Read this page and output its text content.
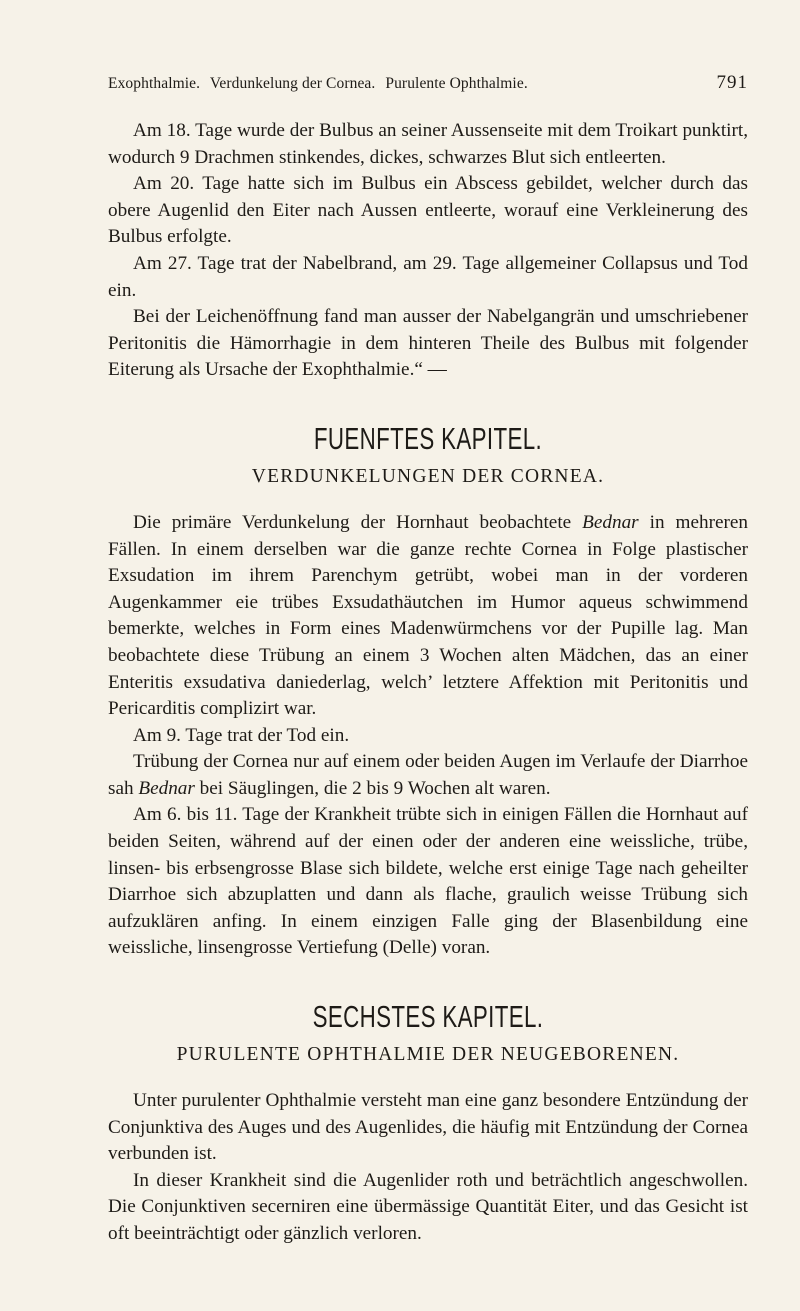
Exophthalmie. Verdunkelung der Cornea. Purulente Ophthalmie.	791

Am 18. Tage wurde der Bulbus an seiner Aussenseite mit dem Troikart punktirt, wodurch 9 Drachmen stinkendes, dickes, schwarzes Blut sich entleerten.

Am 20. Tage hatte sich im Bulbus ein Abscess gebildet, welcher durch das obere Augenlid den Eiter nach Aussen entleerte, worauf eine Verkleinerung des Bulbus erfolgte.

Am 27. Tage trat der Nabelbrand, am 29. Tage allgemeiner Collapsus und Tod ein.

Bei der Leichenöffnung fand man ausser der Nabelgangrän und umschriebener Peritonitis die Hämorrhagie in dem hinteren Theile des Bulbus mit folgender Eiterung als Ursache der Exophthalmie.“ —

FUENFTES KAPITEL.
VERDUNKELUNGEN DER CORNEA.

Die primäre Verdunkelung der Hornhaut beobachtete Bednar in mehreren Fällen. In einem derselben war die ganze rechte Cornea in Folge plastischer Exsudation im ihrem Parenchym getrübt, wobei man in der vorderen Augenkammer eie trübes Exsudathäutchen im Humor aqueus schwimmend bemerkte, welches in Form eines Madenwürmchens vor der Pupille lag. Man beobachtete diese Trübung an einem 3 Wochen alten Mädchen, das an einer Enteritis exsudativa daniederlag, welch’ letztere Affektion mit Peritonitis und Pericarditis complizirt war.

Am 9. Tage trat der Tod ein.

Trübung der Cornea nur auf einem oder beiden Augen im Verlaufe der Diarrhoe sah Bednar bei Säuglingen, die 2 bis 9 Wochen alt waren.

Am 6. bis 11. Tage der Krankheit trübte sich in einigen Fällen die Hornhaut auf beiden Seiten, während auf der einen oder der anderen eine weissliche, trübe, linsen- bis erbsengrosse Blase sich bildete, welche erst einige Tage nach geheilter Diarrhoe sich abzuplatten und dann als flache, graulich weisse Trübung sich aufzuklären anfing. In einem einzigen Falle ging der Blasenbildung eine weissliche, linsengrosse Vertiefung (Delle) voran.

SECHSTES KAPITEL.
PURULENTE OPHTHALMIE DER NEUGEBORENEN.

Unter purulenter Ophthalmie versteht man eine ganz besondere Entzündung der Conjunktiva des Auges und des Augenlides, die häufig mit Entzündung der Cornea verbunden ist.

In dieser Krankheit sind die Augenlider roth und beträchtlich angeschwollen. Die Conjunktiven secerniren eine übermässige Quantität Eiter, und das Gesicht ist oft beeinträchtigt oder gänzlich verloren.
